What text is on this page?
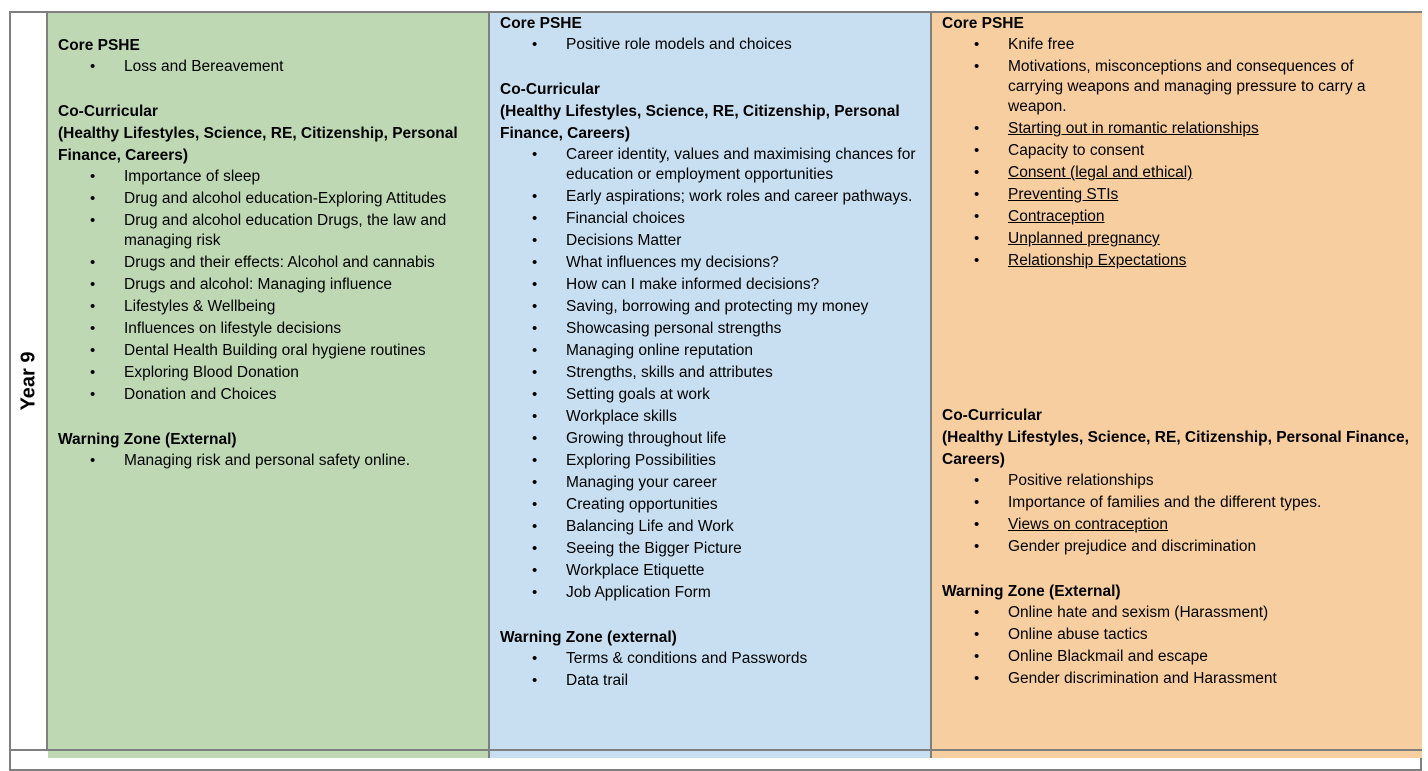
Year 9

Core PSHE

• Loss and Bereavement

Co-Curricular

(Healthy Lifestyles, Science, RE, Citizenship, Personal Finance, Careers)

• Importance of sleep
• Drug and alcohol education-Exploring Attitudes
• Drug and alcohol education Drugs, the law and managing risk
• Drugs and their effects: Alcohol and cannabis
• Drugs and alcohol: Managing influence
• Lifestyles & Wellbeing
• Influences on lifestyle decisions
• Dental Health Building oral hygiene routines
• Exploring Blood Donation
• Donation and Choices

Warning Zone (External)

• Managing risk and personal safety online.

Core PSHE

• Positive role models and choices

Co-Curricular

(Healthy Lifestyles, Science, RE, Citizenship, Personal Finance, Careers)

• Career identity, values and maximising chances for education or employment opportunities
• Early aspirations; work roles and career pathways.
• Financial choices
• Decisions Matter
• What influences my decisions?
• How can I make informed decisions?
• Saving, borrowing and protecting my money
• Showcasing personal strengths
• Managing online reputation
• Strengths, skills and attributes
• Setting goals at work
• Workplace skills
• Growing throughout life
• Exploring Possibilities
• Managing your career
• Creating opportunities
• Balancing Life and Work
• Seeing the Bigger Picture
• Workplace Etiquette
• Job Application Form

Warning Zone (external)

• Terms & conditions and Passwords
• Data trail

Core PSHE

• Knife free
• Motivations, misconceptions and consequences of carrying weapons and managing pressure to carry a weapon.
• Starting out in romantic relationships
• Capacity to consent
• Consent (legal and ethical)
• Preventing STIs
• Contraception
• Unplanned pregnancy
• Relationship Expectations

Co-Curricular

(Healthy Lifestyles, Science, RE, Citizenship, Personal Finance, Careers)

• Positive relationships
• Importance of families and the different types.
• Views on contraception
• Gender prejudice and discrimination

Warning Zone (External)

• Online hate and sexism (Harassment)
• Online abuse tactics
• Online Blackmail and escape
• Gender discrimination and Harassment
